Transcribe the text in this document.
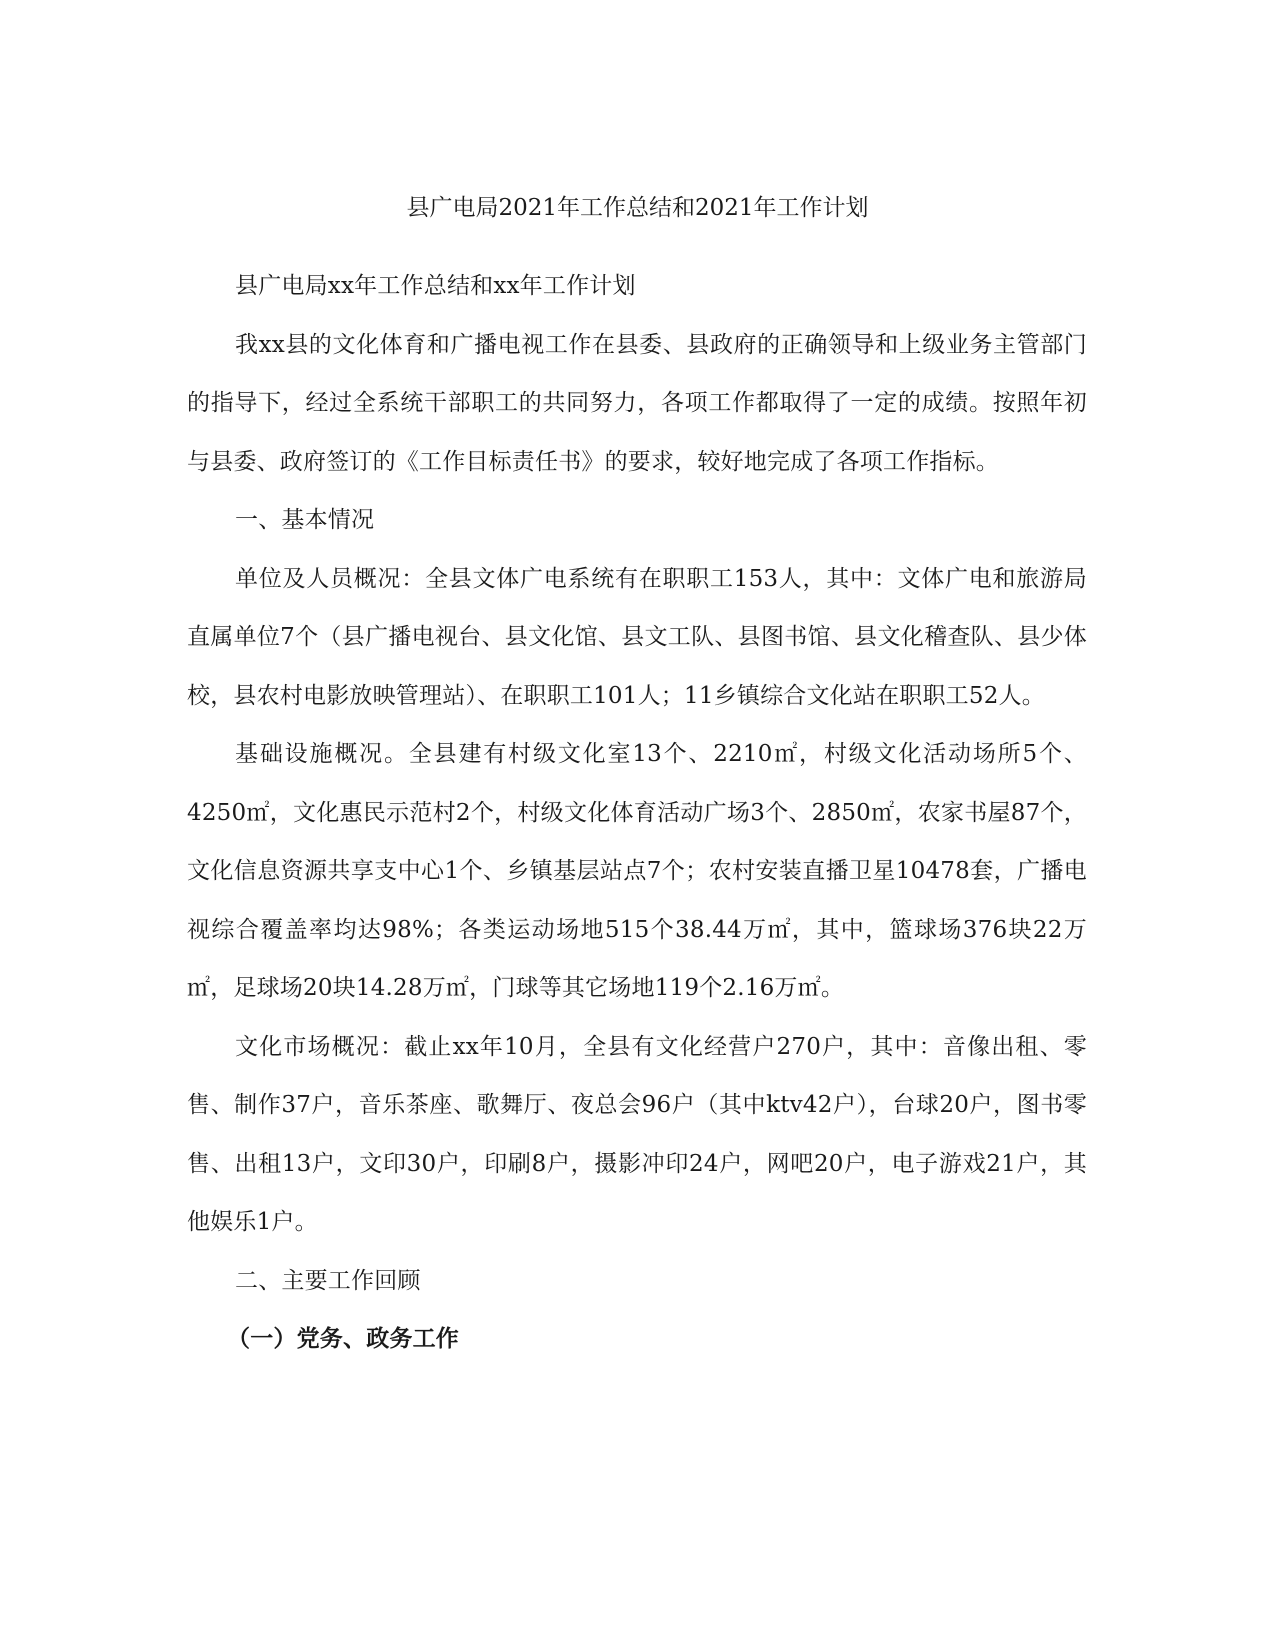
县广电局2021年工作总结和2021年工作计划

县广电局xx年工作总结和xx年工作计划

我xx县的文化体育和广播电视工作在县委、县政府的正确领导和上级业务主管部门的指导下，经过全系统干部职工的共同努力，各项工作都取得了一定的成绩。按照年初与县委、政府签订的《工作目标责任书》的要求，较好地完成了各项工作指标。

一、基本情况

单位及人员概况：全县文体广电系统有在职职工153人，其中：文体广电和旅游局直属单位7个（县广播电视台、县文化馆、县文工队、县图书馆、县文化稽查队、县少体校，县农村电影放映管理站）、在职职工101人；11乡镇综合文化站在职职工52人。

基础设施概况。全县建有村级文化室13个、2210㎡，村级文化活动场所5个、4250㎡，文化惠民示范村2个，村级文化体育活动广场3个、2850㎡，农家书屋87个，文化信息资源共享支中心1个、乡镇基层站点7个；农村安装直播卫星10478套，广播电视综合覆盖率均达98%；各类运动场地515个38.44万㎡，其中，篮球场376块22万㎡，足球场20块14.28万㎡，门球等其它场地119个2.16万㎡。

文化市场概况：截止xx年10月，全县有文化经营户270户，其中：音像出租、零售、制作37户，音乐茶座、歌舞厅、夜总会96户（其中ktv42户），台球20户，图书零售、出租13户，文印30户，印刷8户，摄影冲印24户，网吧20户，电子游戏21户，其他娱乐1户。

二、主要工作回顾

（一）党务、政务工作
